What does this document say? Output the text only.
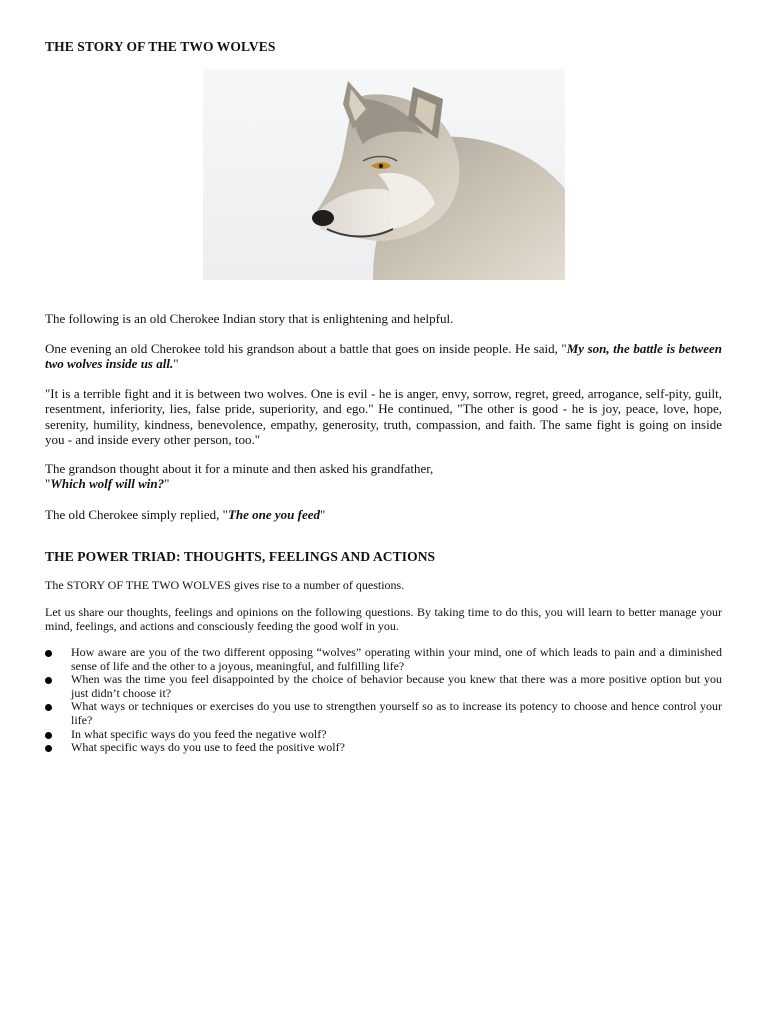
THE STORY OF THE TWO WOLVES
The following is an old Cherokee Indian story that is enlightening and helpful.
One evening an old Cherokee told his grandson about a battle that goes on inside people. He said, "My son, the battle is between two wolves inside us all."
"It is a terrible fight and it is between two wolves. One is evil - he is anger, envy, sorrow, regret, greed, arrogance, self-pity, guilt, resentment, inferiority, lies, false pride, superiority, and ego." He continued, "The other is good - he is joy, peace, love, hope, serenity, humility, kindness, benevolence, empathy, generosity, truth, compassion, and faith. The same fight is going on inside you - and inside every other person, too."
The grandson thought about it for a minute and then asked his grandfather,
"Which wolf will win?"
The old Cherokee simply replied, "The one you feed"
THE POWER TRIAD: THOUGHTS, FEELINGS AND ACTIONS
The STORY OF THE TWO WOLVES gives rise to a number of questions.
Let us share our thoughts, feelings and opinions on the following questions. By taking time to do this, you will learn to better manage your mind, feelings, and actions and consciously feeding the good wolf in you.
How aware are you of the two different opposing “wolves” operating within your mind, one of which leads to pain and a diminished sense of life and the other to a joyous, meaningful, and fulfilling life?
When was the time you feel disappointed by the choice of behavior because you knew that there was a more positive option but you just didn’t choose it?
What ways or techniques or exercises do you use to strengthen yourself so as to increase its potency to choose and hence control your life?
In what specific ways do you feed the negative wolf?
What specific ways do you use to feed the positive wolf?
